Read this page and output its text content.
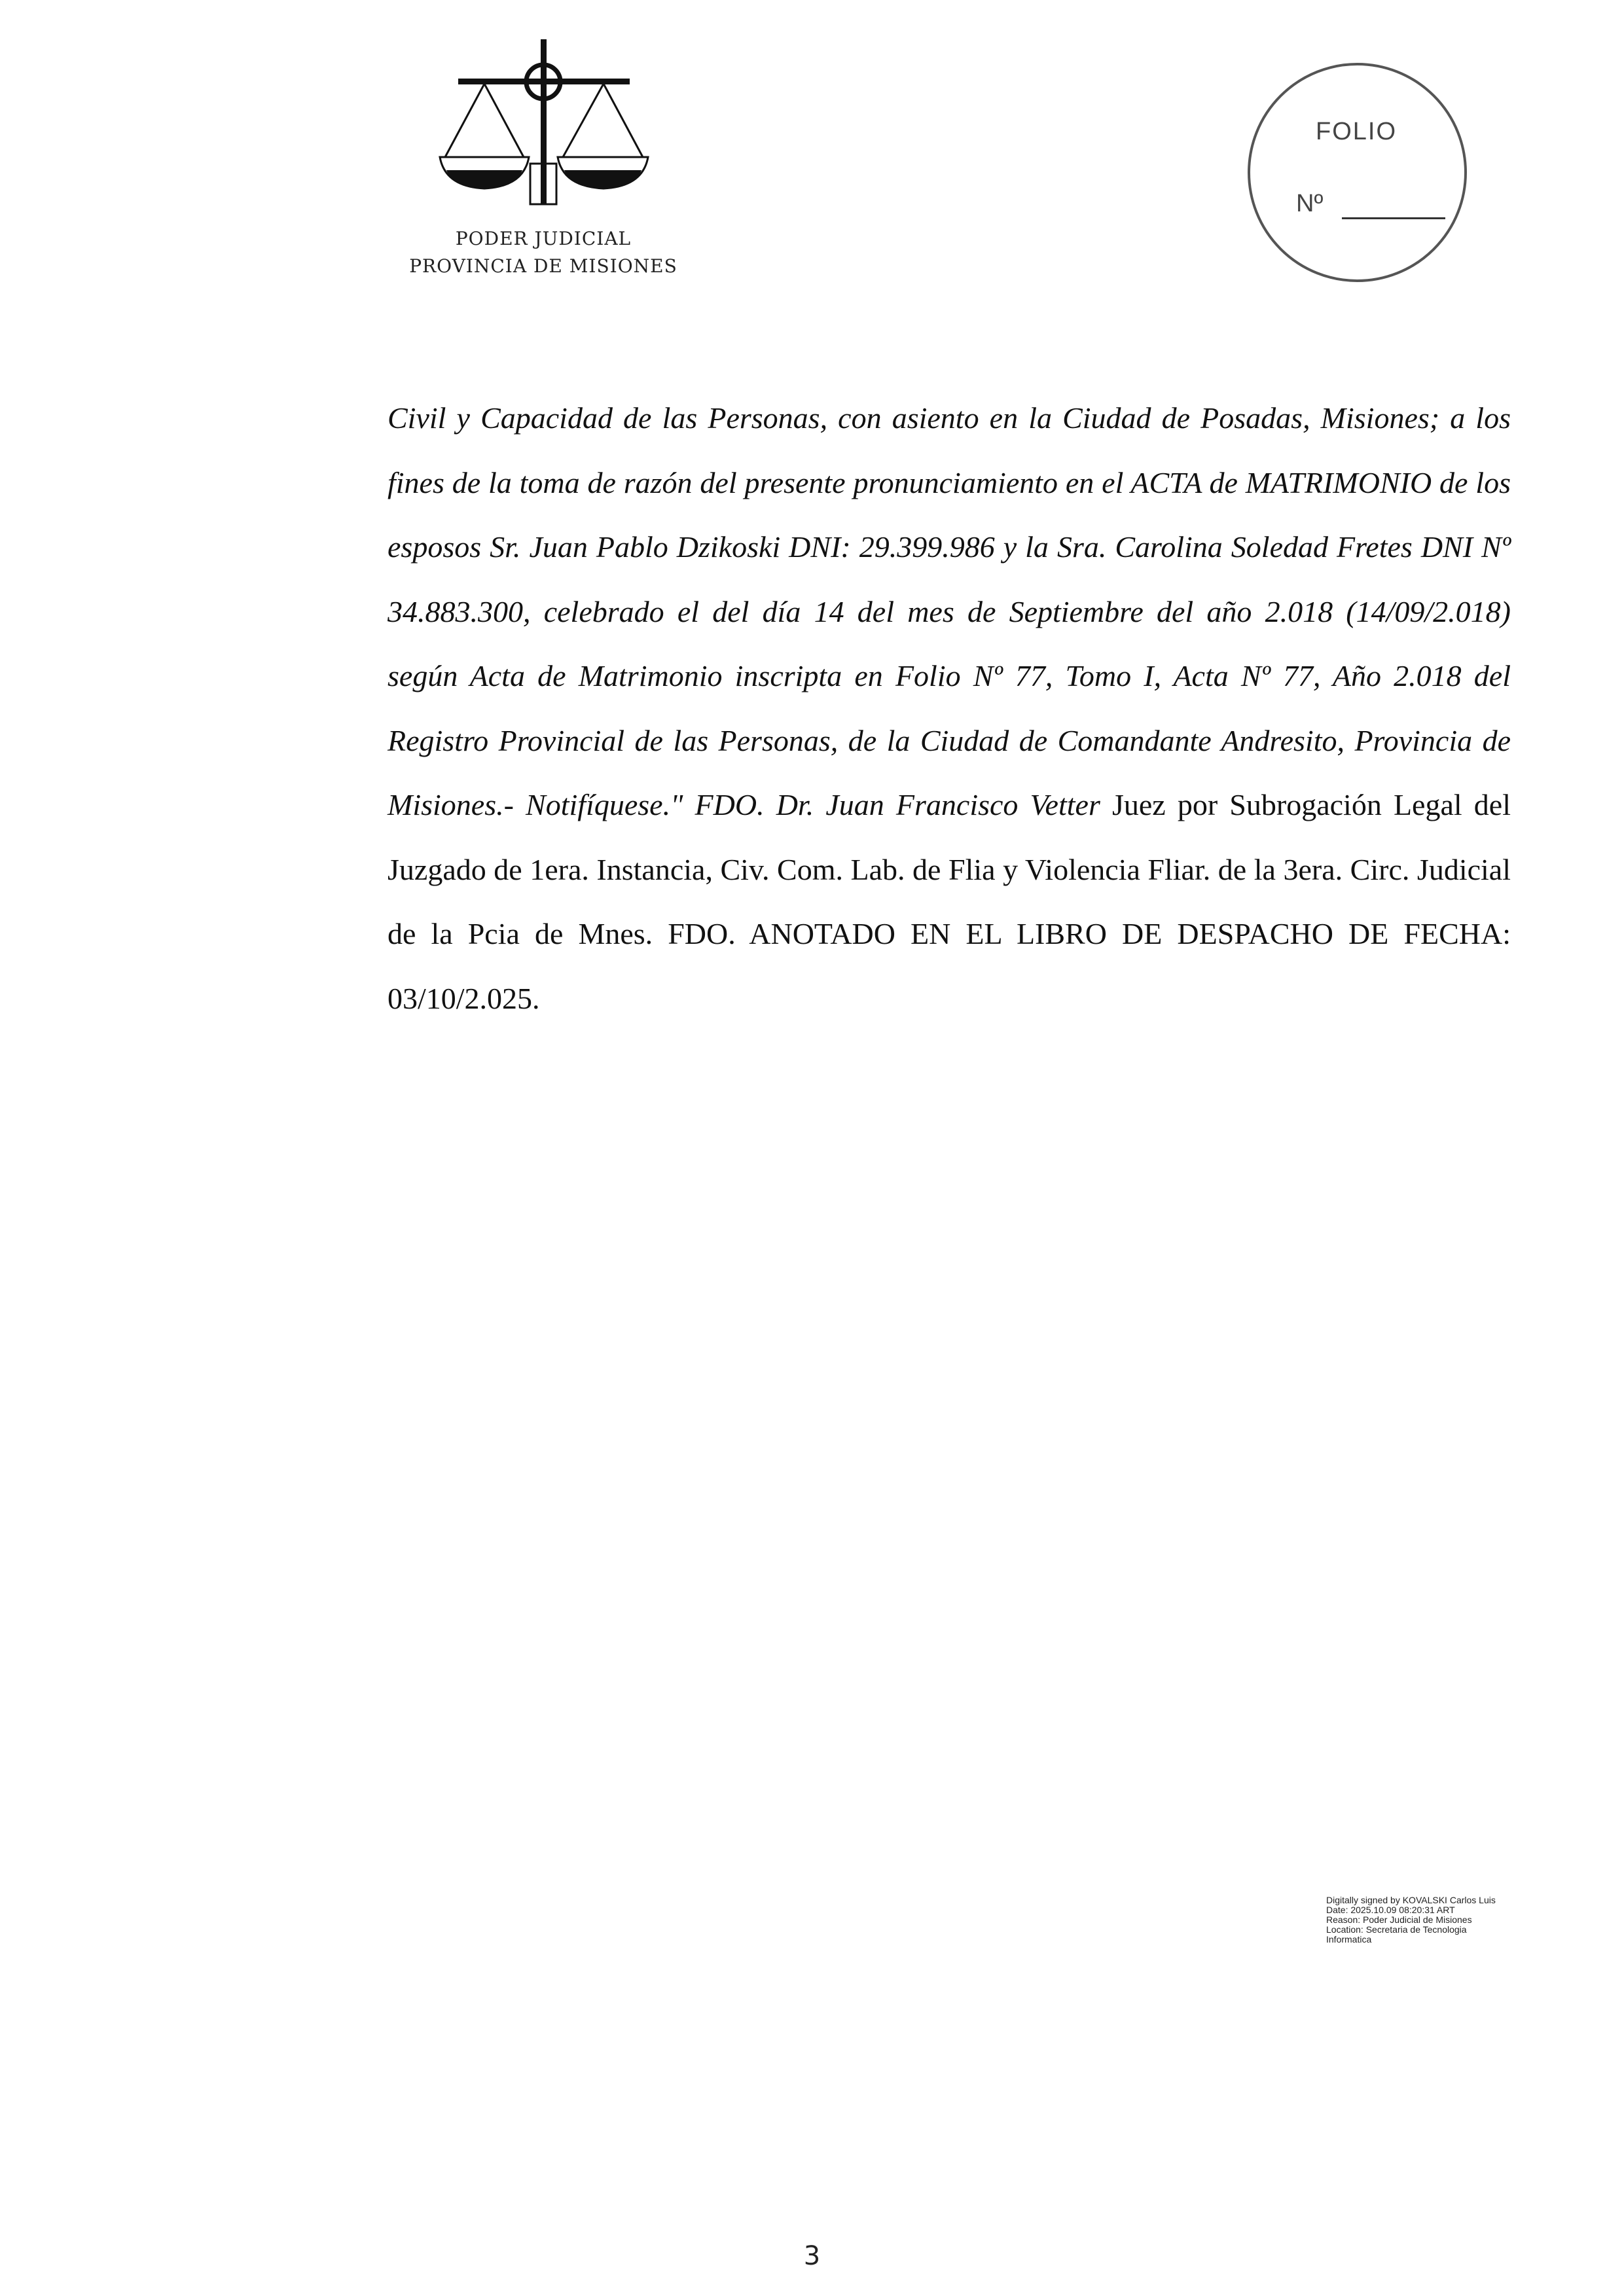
PODER JUDICIAL
PROVINCIA DE MISIONES
FOLIO
Nº
Civil y Capacidad de las Personas, con asiento en la Ciudad de Posadas, Misiones; a los fines de la toma de razón del presente pronunciamiento en el ACTA de MATRIMONIO de los esposos Sr. Juan Pablo Dzikoski DNI: 29.399.986 y la Sra. Carolina Soledad Fretes DNI Nº 34.883.300, celebrado el del día 14 del mes de Septiembre del año 2.018 (14/09/2.018) según Acta de Matrimonio inscripta en Folio Nº 77, Tomo I, Acta Nº 77, Año 2.018 del Registro Provincial de las Personas, de la Ciudad de Comandante Andresito, Provincia de Misiones.- Notifíquese." FDO. Dr. Juan Francisco Vetter Juez por Subrogación Legal del Juzgado de 1era. Instancia, Civ. Com. Lab. de Flia y Violencia Fliar. de la 3era. Circ. Judicial de la Pcia de Mnes. FDO. ANOTADO EN EL LIBRO DE DESPACHO DE FECHA: 03/10/2.025.
Digitally signed by KOVALSKI Carlos Luis
Date: 2025.10.09 08:20:31 ART
Reason: Poder Judicial de Misiones
Location: Secretaria de Tecnologia
Informatica
3
